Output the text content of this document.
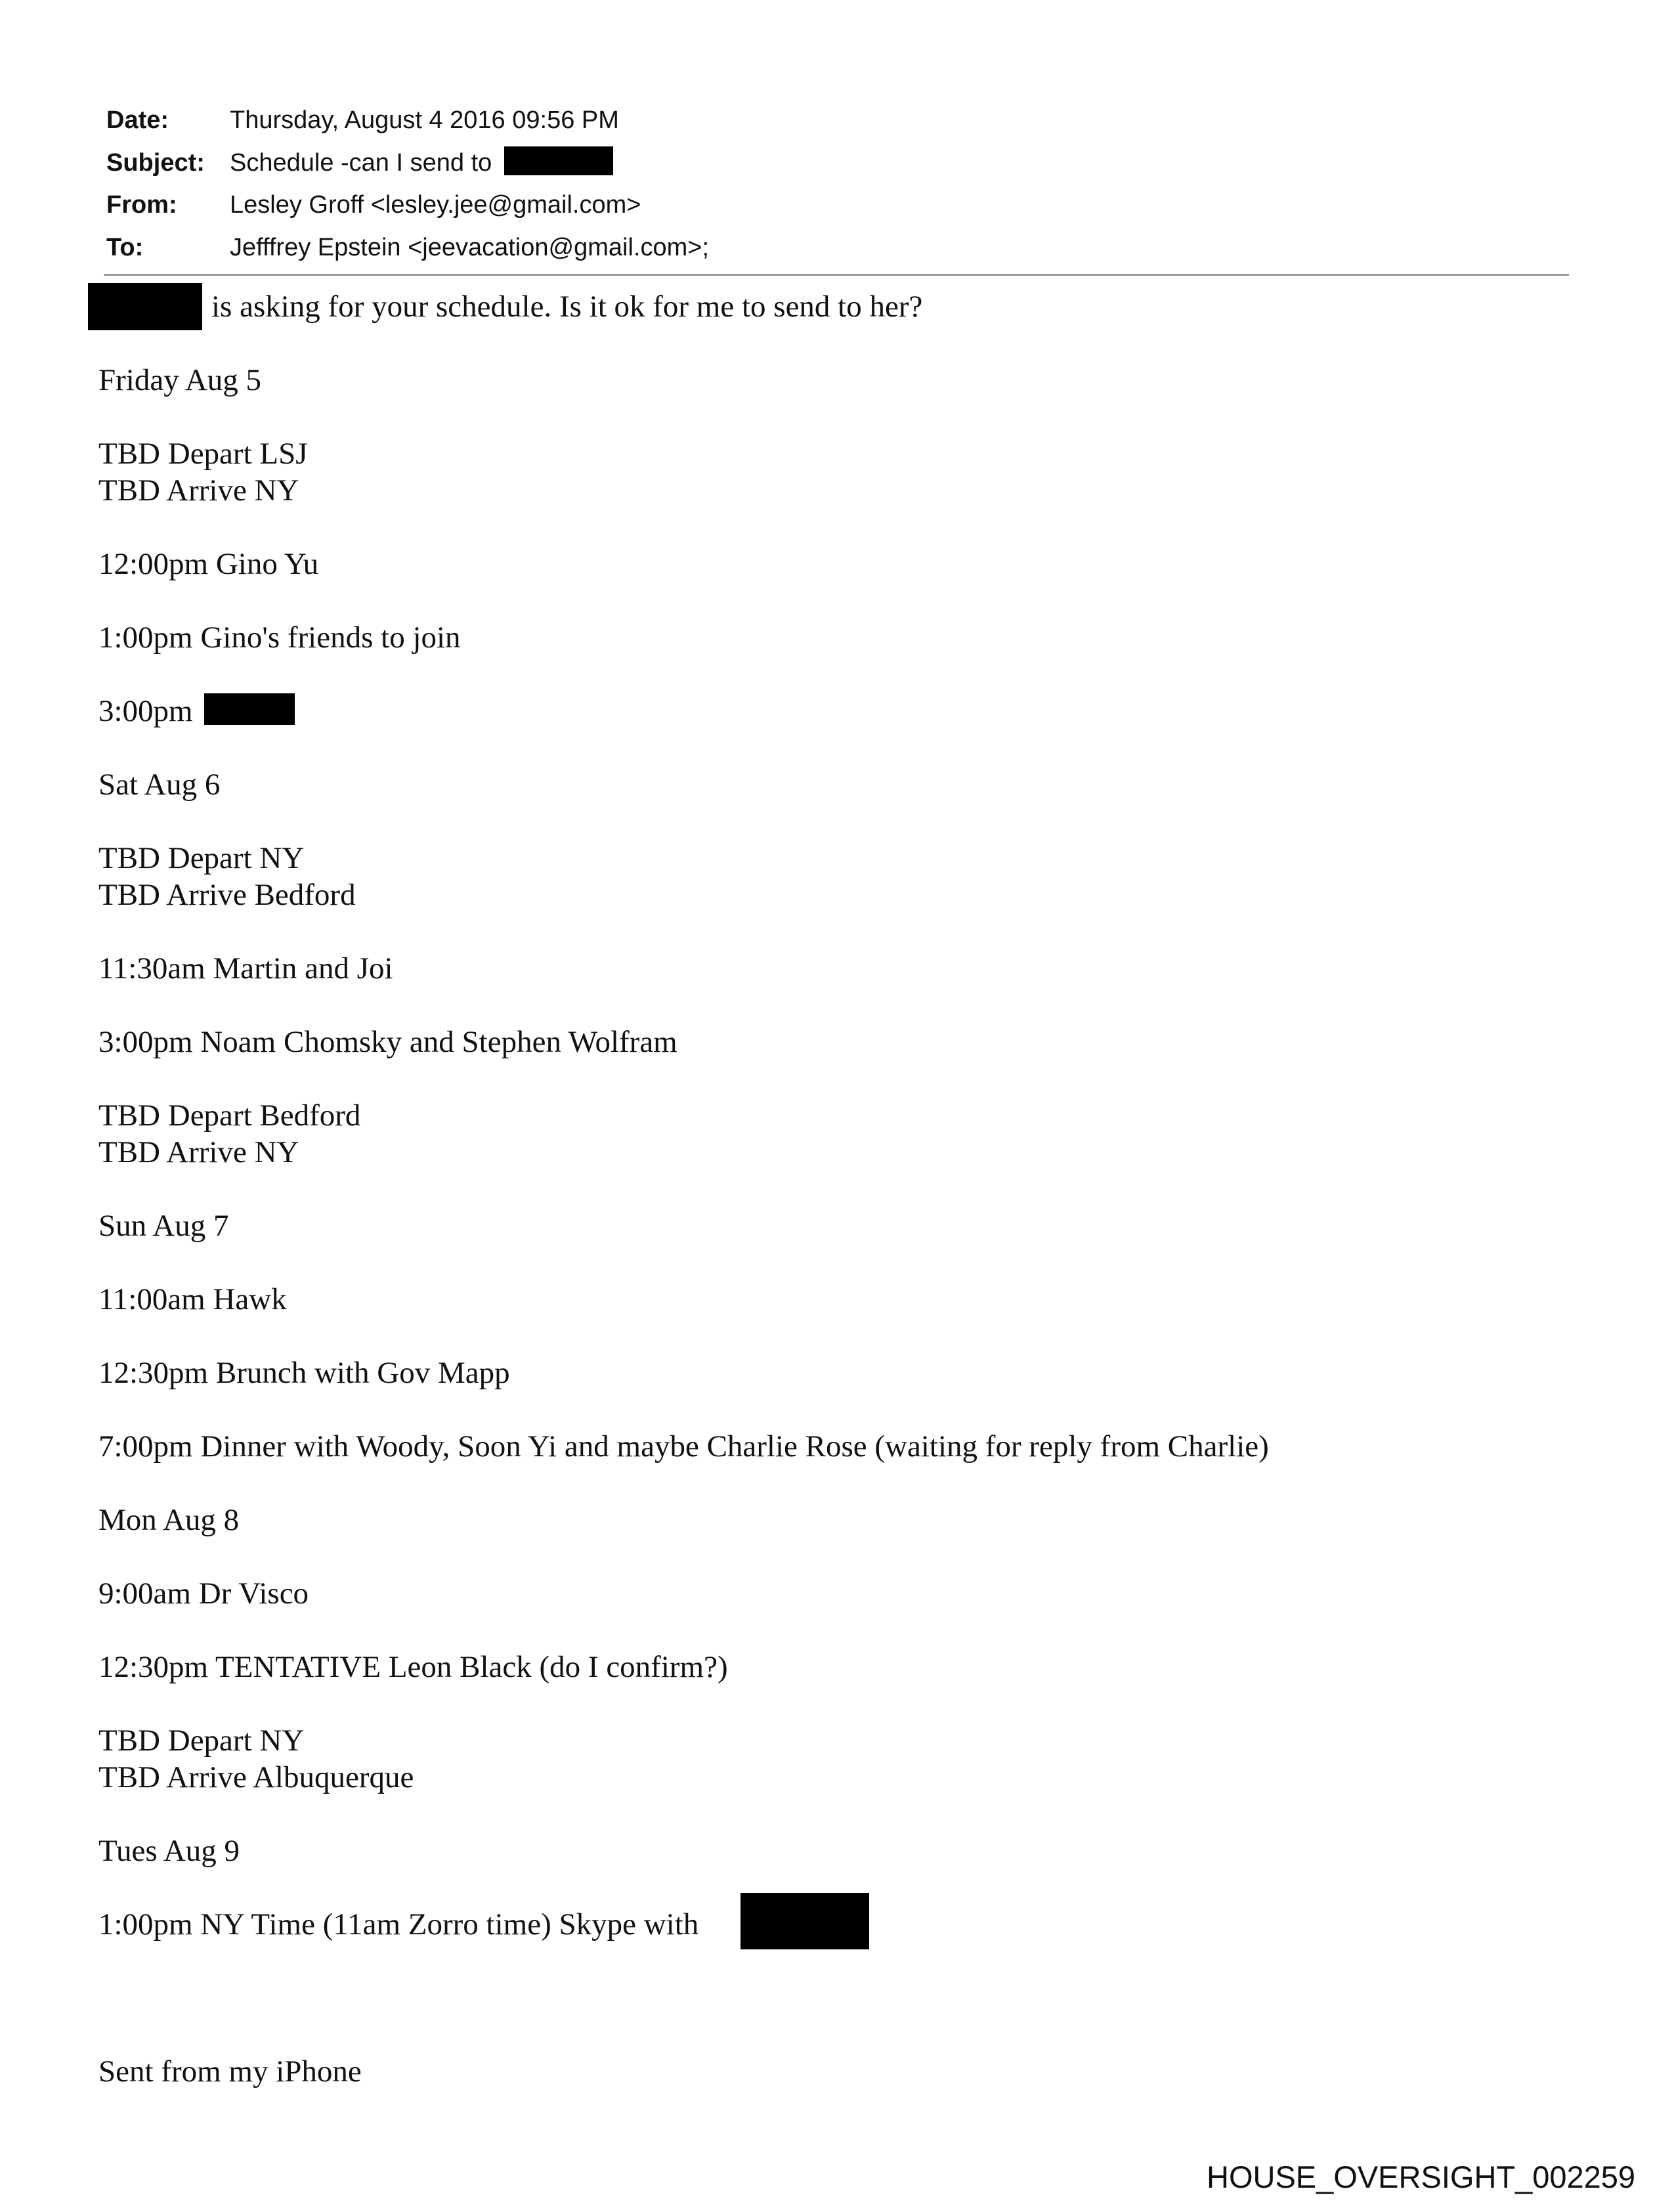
Date: Thursday, August 4 2016 09:56 PM
Subject: Schedule -can I send to
From: Lesley Groff <lesley.jee@gmail.com>
To:	Jefffrey Epstein <jeevacation@gmail.com>;
is asking for your schedule. Is it ok for me to send to her?
Friday Aug 5
TBD Depart LSJ
TBD Arrive NY
12:00pm Gino Yu
1:00pm Gino's friends to join
3:00pm
Sat Aug 6
TBD Depart NY
TBD Arrive Bedford
11:30am Martin and Joi
3:00pm Noam Chomsky and Stephen Wolfram
TBD Depart Bedford
TBD Arrive NY
Sun Aug 7
11:00am Hawk
12:30pm Brunch with Gov Mapp
7:00pm Dinner with Woody, Soon Yi and maybe Charlie Rose (waiting for reply from Charlie)
Mon Aug 8
9:00am Dr Visco
12:30pm TENTATIVE Leon Black (do I confirm?)
TBD Depart NY
TBD Arrive Albuquerque
Tues Aug 9
1:00pm NY Time (11am Zorro time) Skype with
Sent from my iPhone
HOUSE_OVERSIGHT_002259
